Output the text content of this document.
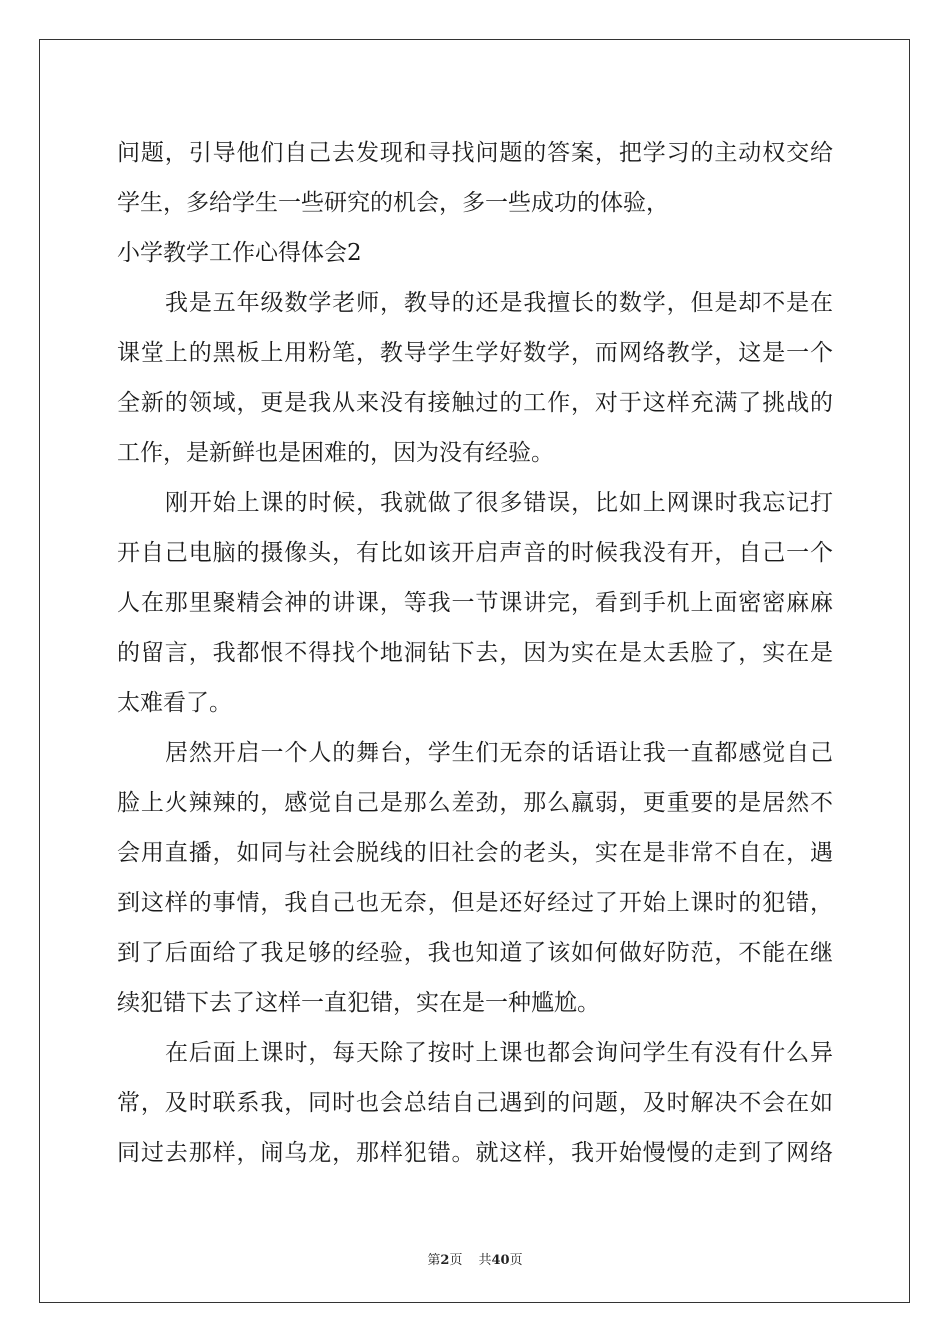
问题，引导他们自己去发现和寻找问题的答案，把学习的主动权交给
学生，多给学生一些研究的机会，多一些成功的体验，
小学教学工作心得体会2
我是五年级数学老师，教导的还是我擅长的数学，但是却不是在
课堂上的黑板上用粉笔，教导学生学好数学，而网络教学，这是一个
全新的领域，更是我从来没有接触过的工作，对于这样充满了挑战的
工作，是新鲜也是困难的，因为没有经验。
刚开始上课的时候，我就做了很多错误，比如上网课时我忘记打
开自己电脑的摄像头，有比如该开启声音的时候我没有开，自己一个
人在那里聚精会神的讲课，等我一节课讲完，看到手机上面密密麻麻
的留言，我都恨不得找个地洞钻下去，因为实在是太丢脸了，实在是
太难看了。
居然开启一个人的舞台，学生们无奈的话语让我一直都感觉自己
脸上火辣辣的，感觉自己是那么差劲，那么羸弱，更重要的是居然不
会用直播，如同与社会脱线的旧社会的老头，实在是非常不自在，遇
到这样的事情，我自己也无奈，但是还好经过了开始上课时的犯错，
到了后面给了我足够的经验，我也知道了该如何做好防范，不能在继
续犯错下去了这样一直犯错，实在是一种尴尬。
在后面上课时，每天除了按时上课也都会询问学生有没有什么异
常，及时联系我，同时也会总结自己遇到的问题，及时解决不会在如
同过去那样，闹乌龙，那样犯错。就这样，我开始慢慢的走到了网络
第2页 共40页
